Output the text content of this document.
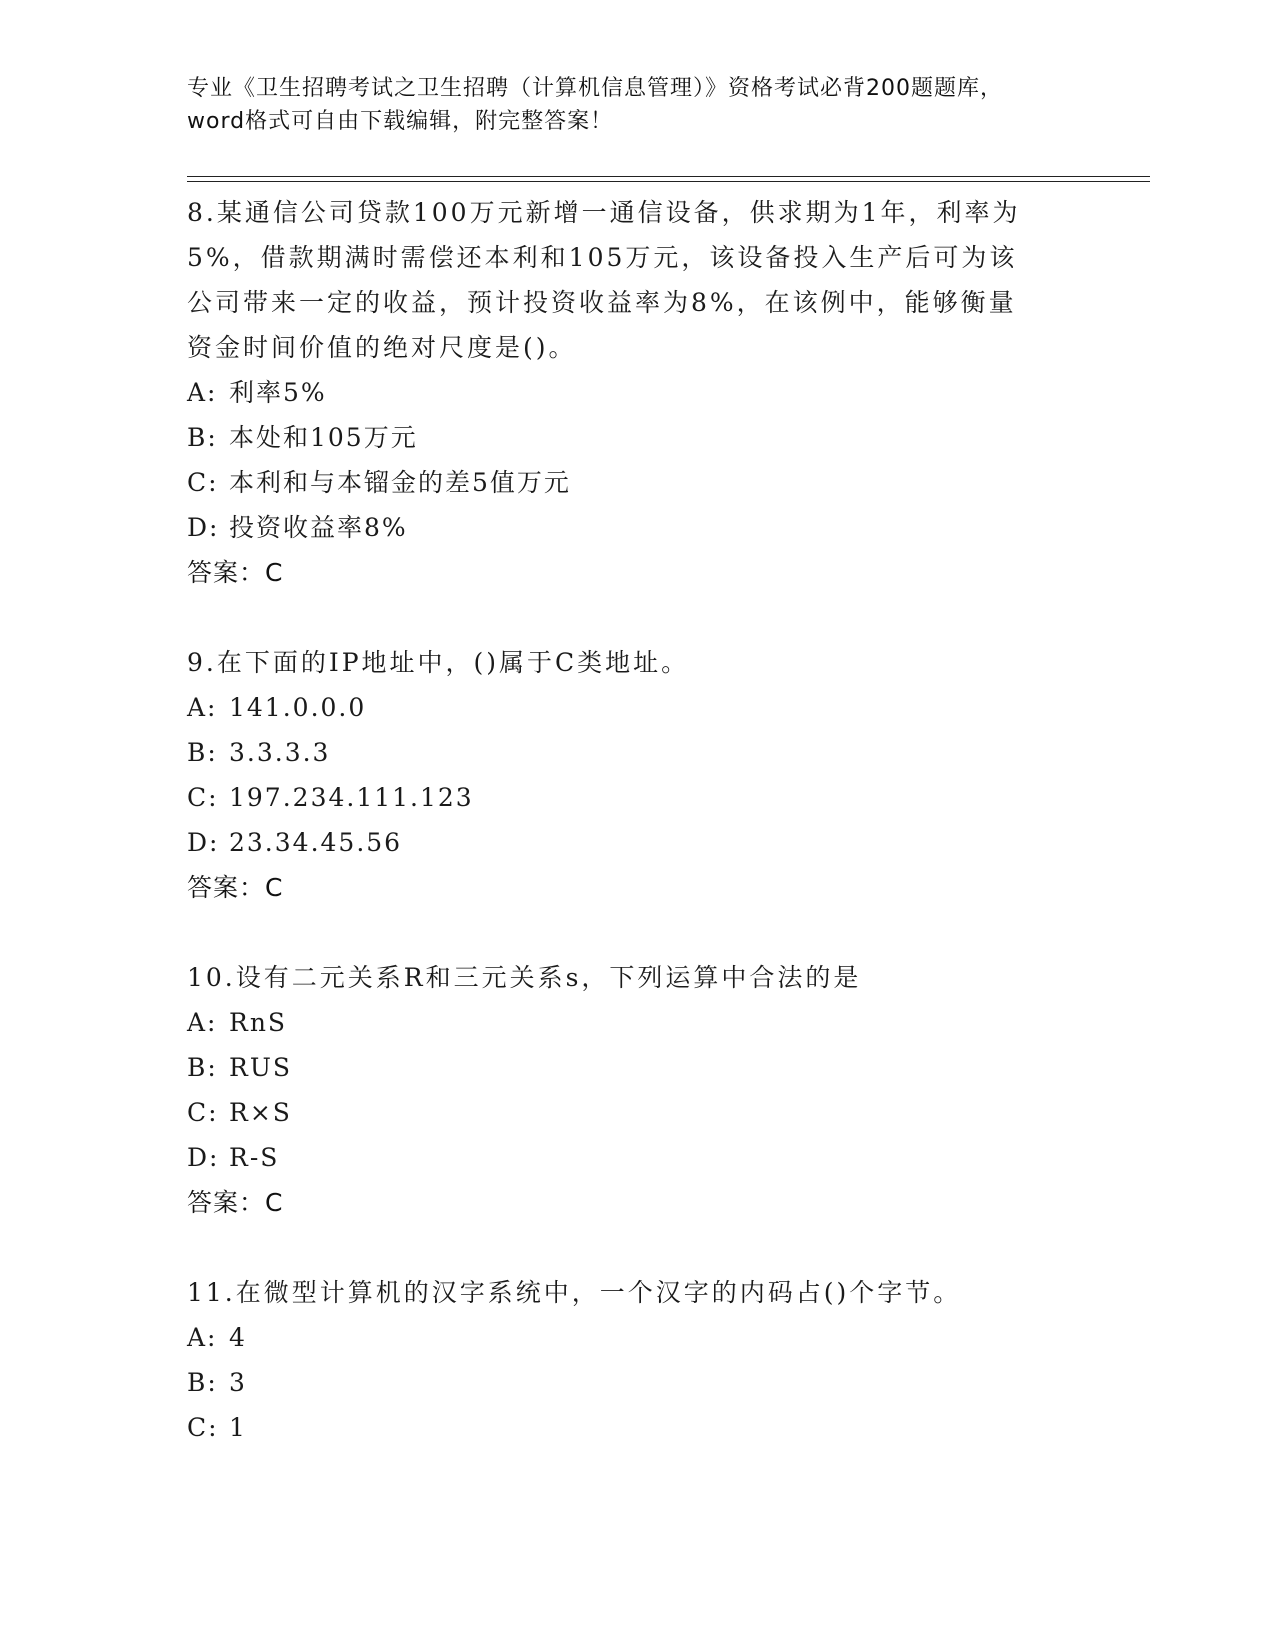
专业《卫生招聘考试之卫生招聘（计算机信息管理）》资格考试必背200题题库，
word格式可自由下载编辑，附完整答案！
8.某通信公司贷款100万元新增一通信设备，供求期为1年，利率为5%，借款期满时需偿还本利和105万元，该设备投入生产后可为该公司带来一定的收益，预计投资收益率为8%，在该例中，能够衡量资金时间价值的绝对尺度是()。
A: 利率5%
B: 本处和105万元
C: 本利和与本镏金的差5值万元
D: 投资收益率8%
答案：C
9.在下面的IP地址中，()属于C类地址。
A: 141.0.0.0
B: 3.3.3.3
C: 197.234.111.123
D: 23.34.45.56
答案：C
10.设有二元关系R和三元关系s，下列运算中合法的是
A: RnS
B: RUS
C: R×S
D: R-S
答案：C
11.在微型计算机的汉字系统中，一个汉字的内码占()个字节。
A: 4
B: 3
C: 1
